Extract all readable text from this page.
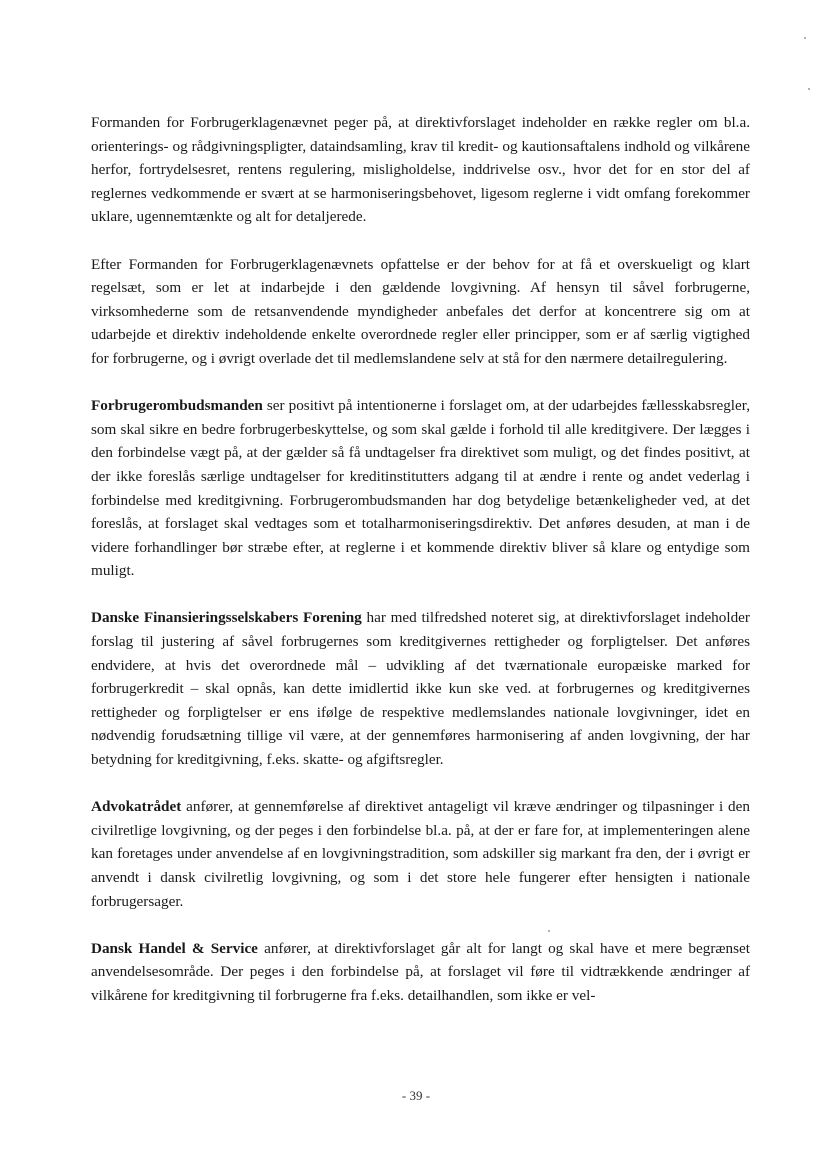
Formanden for Forbrugerklagenævnet peger på, at direktivforslaget indeholder en række regler om bl.a. orienterings- og rådgivningspligter, dataindsamling, krav til kredit- og kautionsaftalens indhold og vilkårene herfor, fortrydelsesret, rentens regulering, misligholdelse, inddrivelse osv., hvor det for en stor del af reglernes vedkommende er svært at se harmoniseringsbehovet, ligesom reglerne i vidt omfang forekommer uklare, ugennemtænkte og alt for detaljerede.

Efter Formanden for Forbrugerklagenævnets opfattelse er der behov for at få et overskueligt og klart regelsæt, som er let at indarbejde i den gældende lovgivning. Af hensyn til såvel forbrugerne, virksomhederne som de retsanvendende myndigheder anbefales det derfor at koncentrere sig om at udarbejde et direktiv indeholdende enkelte overordnede regler eller principper, som er af særlig vigtighed for forbrugerne, og i øvrigt overlade det til medlemslandene selv at stå for den nærmere detailregulering.

Forbrugerombudsmanden ser positivt på intentionerne i forslaget om, at der udarbejdes fællesskabsregler, som skal sikre en bedre forbrugerbeskyttelse, og som skal gælde i forhold til alle kreditgivere. Der lægges i den forbindelse vægt på, at der gælder så få undtagelser fra direktivet som muligt, og det findes positivt, at der ikke foreslås særlige undtagelser for kreditinstitutters adgang til at ændre i rente og andet vederlag i forbindelse med kreditgivning. Forbrugerombudsmanden har dog betydelige betænkeligheder ved, at det foreslås, at forslaget skal vedtages som et totalharmoniseringsdirektiv. Det anføres desuden, at man i de videre forhandlinger bør stræbe efter, at reglerne i et kommende direktiv bliver så klare og entydige som muligt.

Danske Finansieringsselskabers Forening har med tilfredshed noteret sig, at direktivforslaget indeholder forslag til justering af såvel forbrugernes som kreditgivernes rettigheder og forpligtelser. Det anføres endvidere, at hvis det overordnede mål – udvikling af det tværnationale europæiske marked for forbrugerkredit – skal opnås, kan dette imidlertid ikke kun ske ved. at forbrugernes og kreditgivernes rettigheder og forpligtelser er ens ifølge de respektive medlemslandes nationale lovgivninger, idet en nødvendig forudsætning tillige vil være, at der gennemføres harmonisering af anden lovgivning, der har betydning for kreditgivning, f.eks. skatte- og afgiftsregler.

Advokatrådet anfører, at gennemførelse af direktivet antageligt vil kræve ændringer og tilpasninger i den civilretlige lovgivning, og der peges i den forbindelse bl.a. på, at der er fare for, at implementeringen alene kan foretages under anvendelse af en lovgivningstradition, som adskiller sig markant fra den, der i øvrigt er anvendt i dansk civilretlig lovgivning, og som i det store hele fungerer efter hensigten i nationale forbrugersager.

Dansk Handel & Service anfører, at direktivforslaget går alt for langt og skal have et mere begrænset anvendelsesområde. Der peges i den forbindelse på, at forslaget vil føre til vidtrækkende ændringer af vilkårene for kreditgivning til forbrugerne fra f.eks. detailhandlen, som ikke er vel-

- 39 -
